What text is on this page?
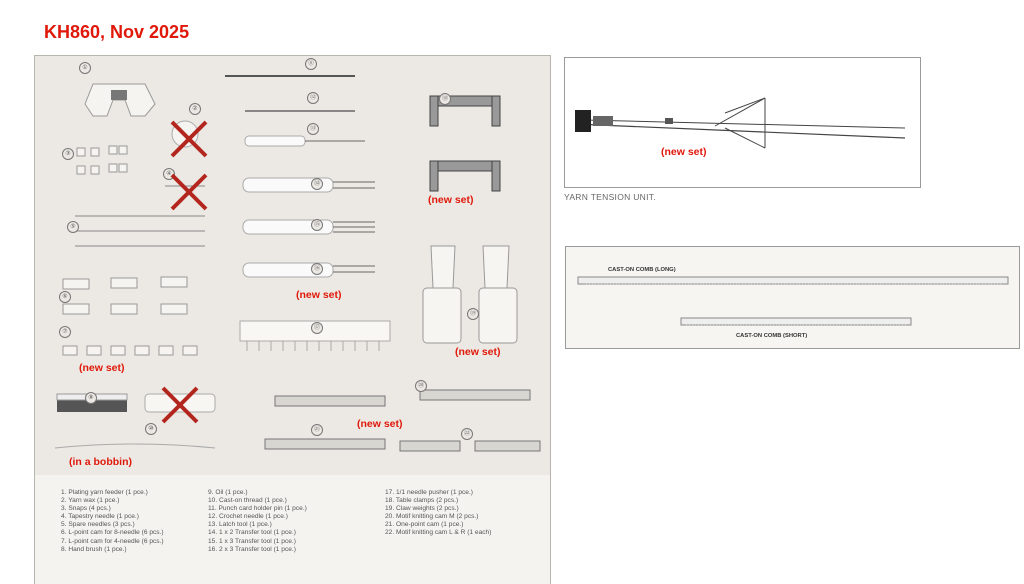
KH860, Nov 2025
①
②
③
④
⑤
⑥
⑦
⑧
⑩
⑪
⑫
⑬
⑭
⑮
⑯
⑰
⑱
⑲
⑳
㉑
㉒
(new set)
(new set)
(new set)
(new set)
(new set)
(in a bobbin)
1. Plating yarn feeder (1 pce.)
2. Yarn wax (1 pce.)
3. Snaps (4 pcs.)
4. Tapestry needle (1 pce.)
5. Spare needles (3 pcs.)
6. L-point cam for 8-needle (6 pcs.)
7. L-point cam for 4-needle (6 pcs.)
8. Hand brush (1 pce.)
9. Oil (1 pce.)
10. Cast-on thread (1 pce.)
11. Punch card holder pin (1 pce.)
12. Crochet needle (1 pce.)
13. Latch tool (1 pce.)
14. 1 x 2 Transfer tool (1 pce.)
15. 1 x 3 Transfer tool (1 pce.)
16. 2 x 3 Transfer tool (1 pce.)
17. 1/1 needle pusher (1 pce.)
18. Table clamps (2 pcs.)
19. Claw weights (2 pcs.)
20. Motif knitting cam M (2 pcs.)
21. One-point cam (1 pce.)
22. Motif knitting cam L & R (1 each)
(new set)
YARN TENSION UNIT.
CAST-ON COMB (LONG)
CAST-ON COMB (SHORT)
